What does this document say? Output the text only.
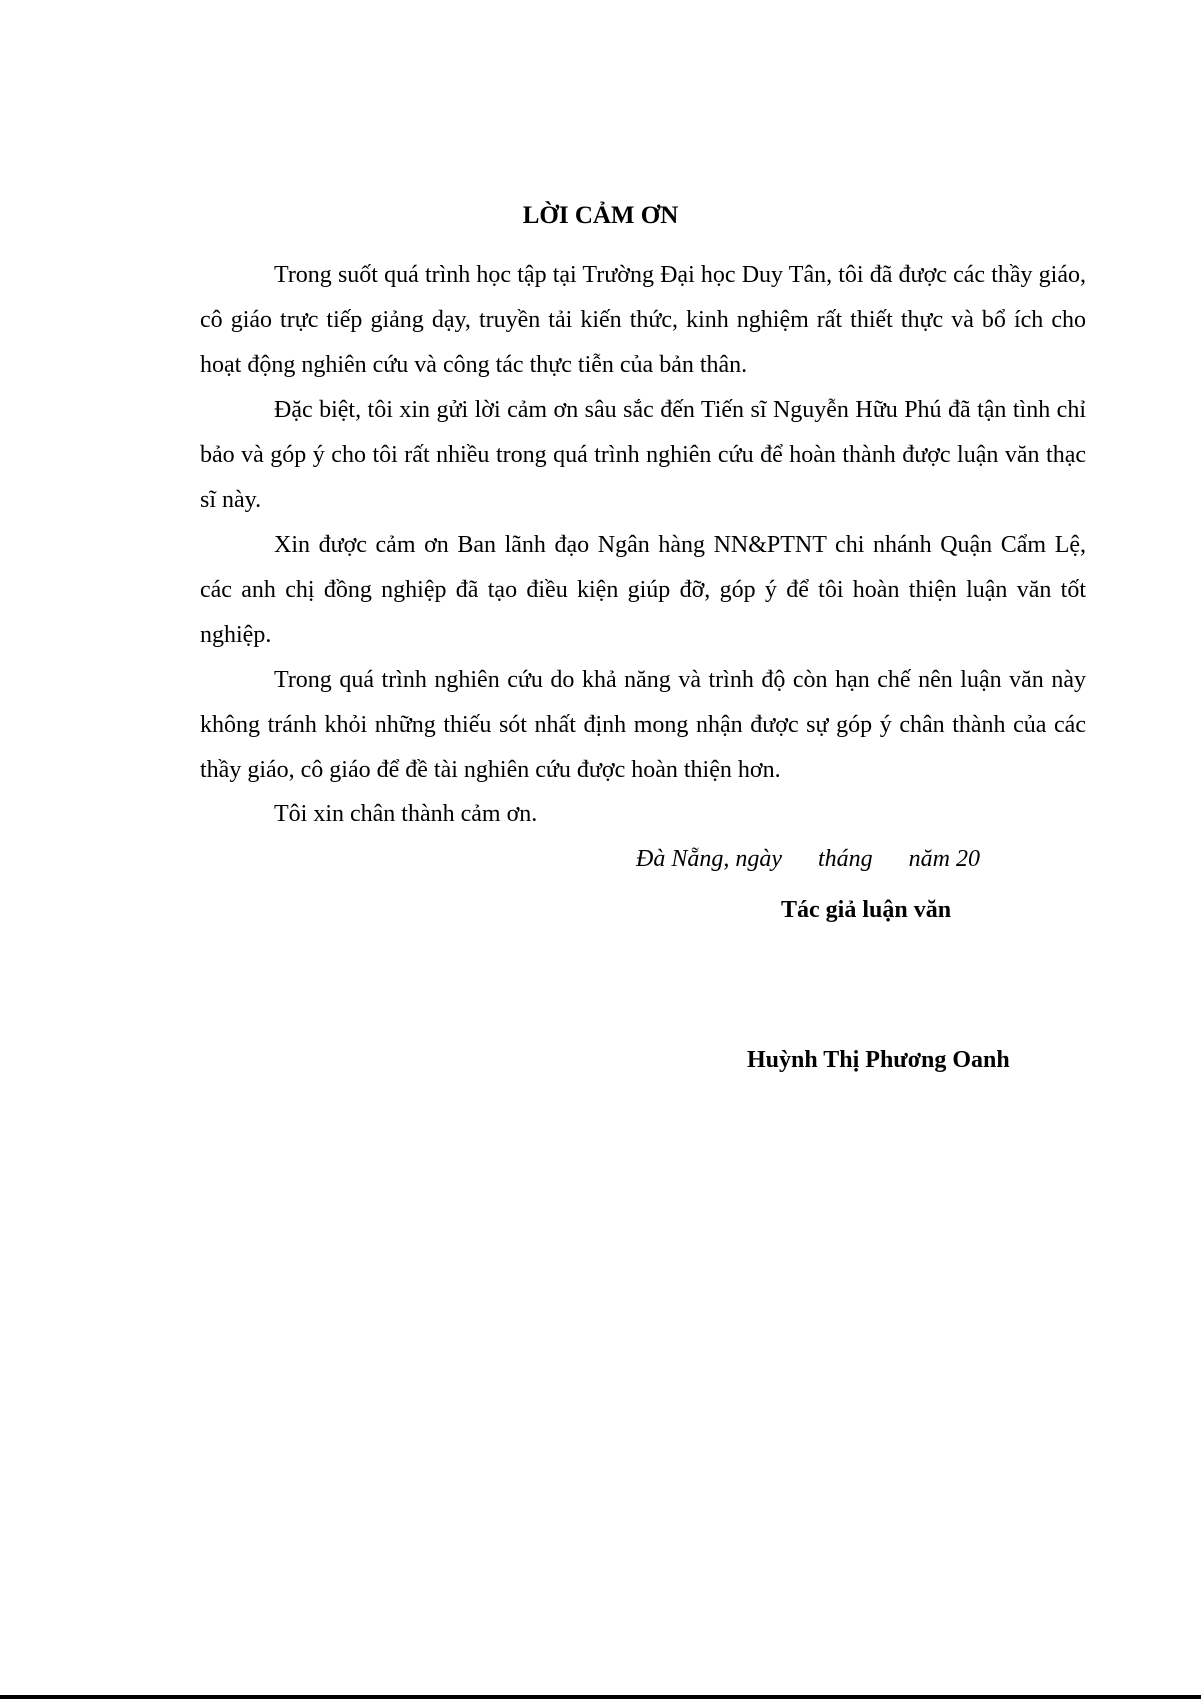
LỜI CẢM ƠN

Trong suốt quá trình học tập tại Trường Đại học Duy Tân, tôi đã được các thầy giáo, cô giáo trực tiếp giảng dạy, truyền tải kiến thức, kinh nghiệm rất thiết thực và bổ ích cho hoạt động nghiên cứu và công tác thực tiễn của bản thân.

Đặc biệt, tôi xin gửi lời cảm ơn sâu sắc đến Tiến sĩ Nguyễn Hữu Phú đã tận tình chỉ bảo và góp ý cho tôi rất nhiều trong quá trình nghiên cứu để hoàn thành được luận văn thạc sĩ này.

Xin được cảm ơn Ban lãnh đạo Ngân hàng NN&PTNT chi nhánh Quận Cẩm Lệ, các anh chị đồng nghiệp đã tạo điều kiện giúp đỡ, góp ý để tôi hoàn thiện luận văn tốt nghiệp.

Trong quá trình nghiên cứu do khả năng và trình độ còn hạn chế nên luận văn này không tránh khỏi những thiếu sót nhất định mong nhận được sự góp ý chân thành của các thầy giáo, cô giáo để đề tài nghiên cứu được hoàn thiện hơn.

Tôi xin chân thành cảm ơn.

Đà Nẵng, ngày      tháng      năm 20

Tác giả luận văn

Huỳnh Thị Phương Oanh
